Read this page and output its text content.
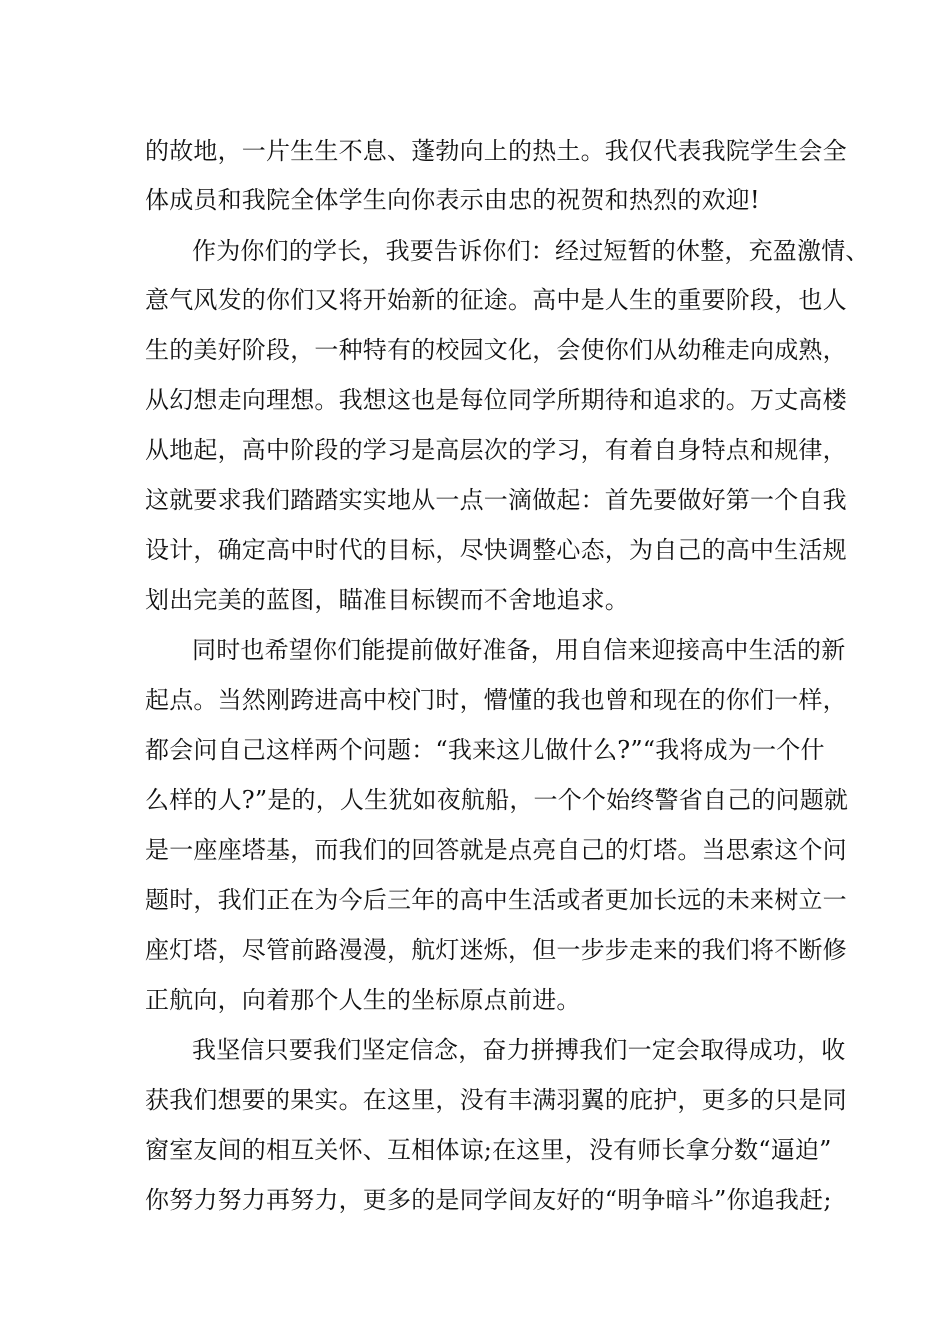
的故地，一片生生不息、蓬勃向上的热土。我仅代表我院学生会全
体成员和我院全体学生向你表示由忠的祝贺和热烈的欢迎!
作为你们的学长，我要告诉你们：经过短暂的休整，充盈激情、
意气风发的你们又将开始新的征途。高中是人生的重要阶段，也人
生的美好阶段，一种特有的校园文化，会使你们从幼稚走向成熟，
从幻想走向理想。我想这也是每位同学所期待和追求的。万丈高楼
从地起，高中阶段的学习是高层次的学习，有着自身特点和规律，
这就要求我们踏踏实实地从一点一滴做起：首先要做好第一个自我
设计，确定高中时代的目标，尽快调整心态，为自己的高中生活规
划出完美的蓝图，瞄准目标锲而不舍地追求。
同时也希望你们能提前做好准备，用自信来迎接高中生活的新
起点。当然刚跨进高中校门时，懵懂的我也曾和现在的你们一样，
都会问自己这样两个问题：“我来这儿做什么?”“我将成为一个什
么样的人?”是的，人生犹如夜航船，一个个始终警省自己的问题就
是一座座塔基，而我们的回答就是点亮自己的灯塔。当思索这个问
题时，我们正在为今后三年的高中生活或者更加长远的未来树立一
座灯塔，尽管前路漫漫，航灯迷烁，但一步步走来的我们将不断修
正航向，向着那个人生的坐标原点前进。
我坚信只要我们坚定信念，奋力拼搏我们一定会取得成功，收
获我们想要的果实。在这里，没有丰满羽翼的庇护，更多的只是同
窗室友间的相互关怀、互相体谅;在这里，没有师长拿分数“逼迫”
你努力努力再努力，更多的是同学间友好的“明争暗斗”你追我赶;
